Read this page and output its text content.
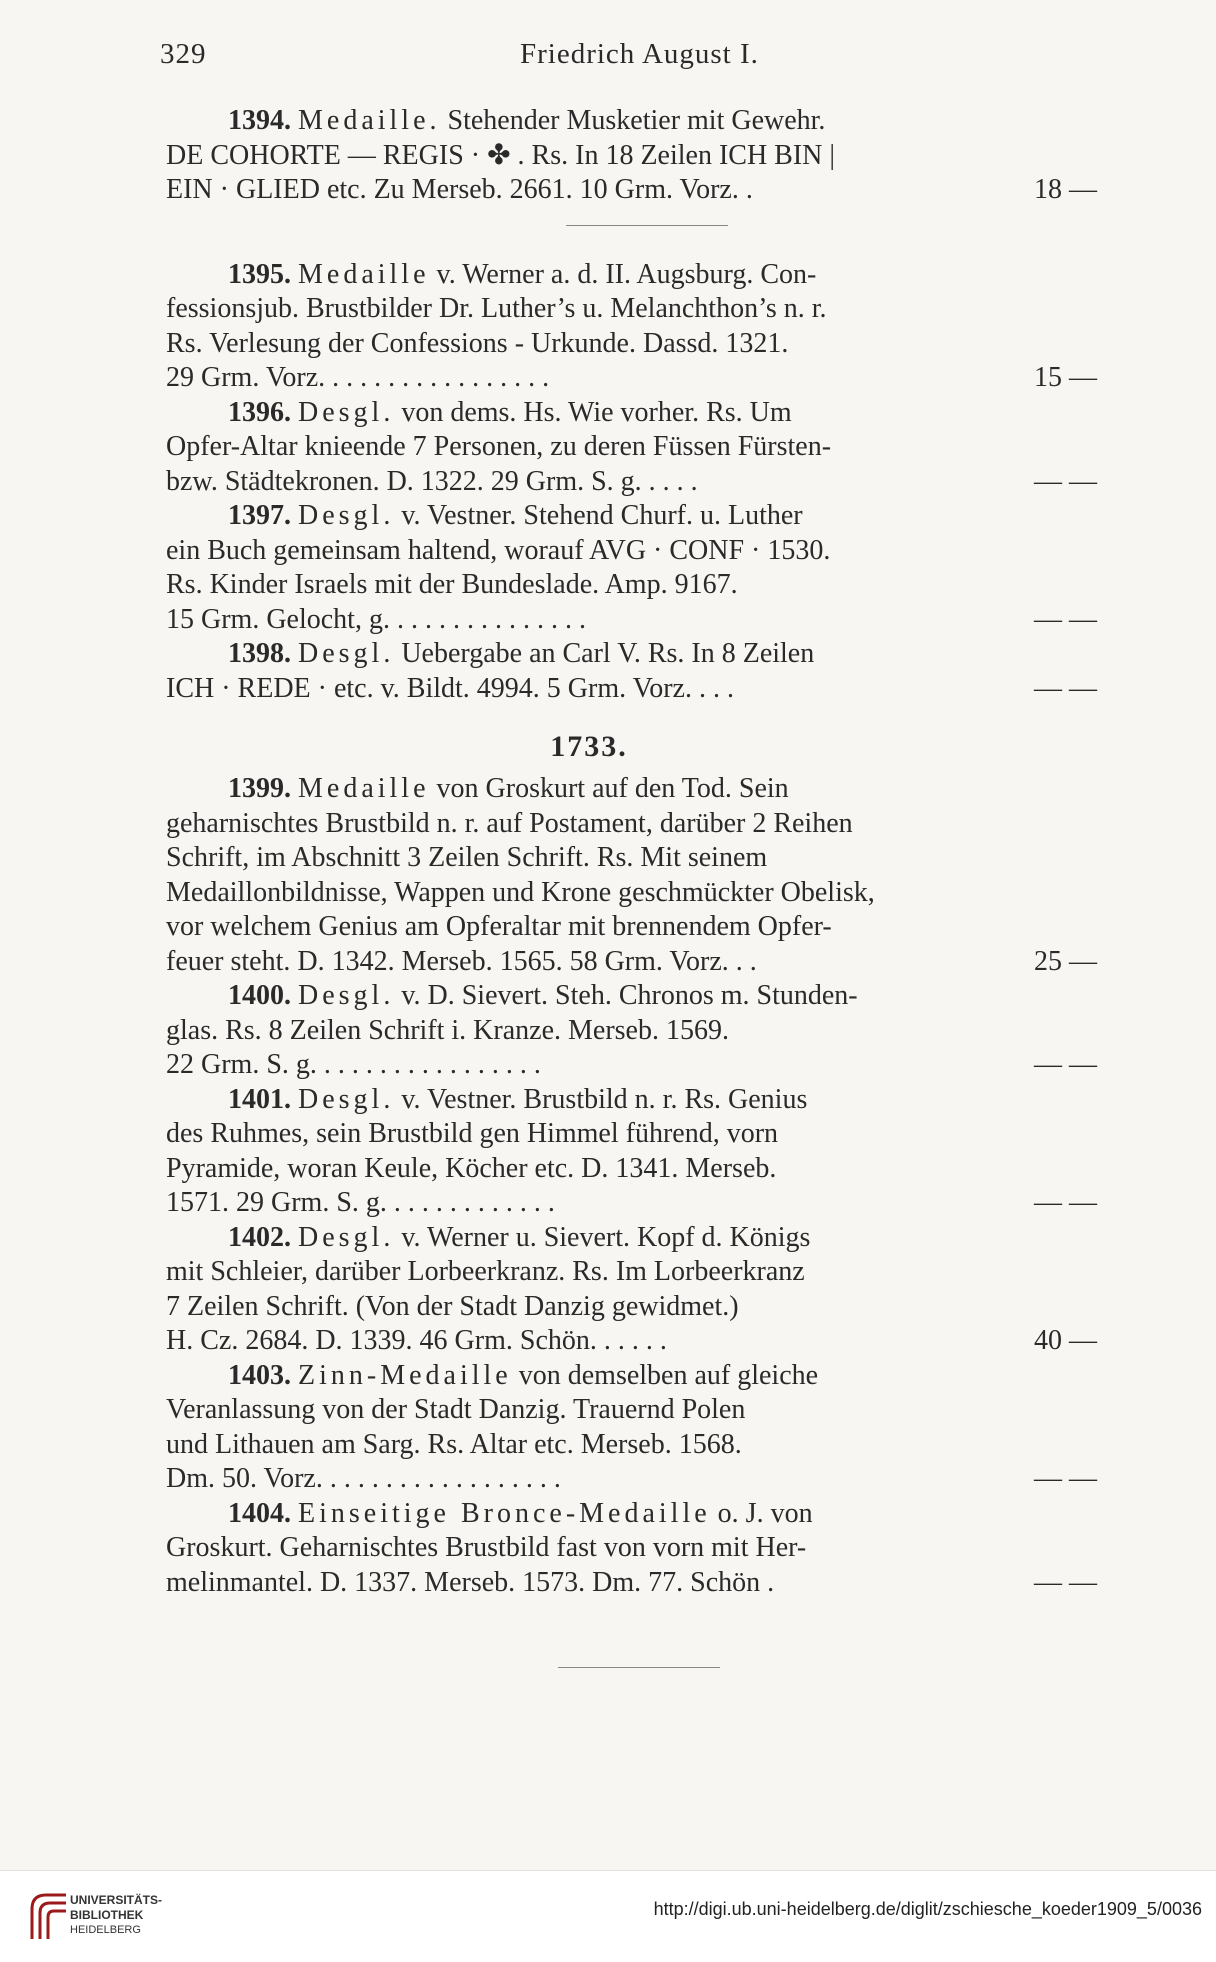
329	Friedrich August I.
1394. Medaille. Stehender Musketier mit Gewehr.
DE COHORTE — REGIS · ✤ . Rs. In 18 Zeilen ICH BIN |
EIN · GLIED etc. Zu Merseb. 2661. 10 Grm. Vorz. .	18 —
1395. Medaille v. Werner a. d. II. Augsburg. Con-
fessionsjub. Brustbilder Dr. Luther’s u. Melanchthon’s n. r.
Rs. Verlesung der Confessions - Urkunde. Dassd. 1321.
29 Grm. Vorz. . . . . . . . . . . . . . . . .	15 —
1396. Desgl. von dems. Hs. Wie vorher. Rs. Um
Opfer-Altar knieende 7 Personen, zu deren Füssen Fürsten-
bzw. Städtekronen. D. 1322. 29 Grm. S. g. . . . .	— —
1397. Desgl. v. Vestner. Stehend Churf. u. Luther
ein Buch gemeinsam haltend, worauf AVG · CONF · 1530.
Rs. Kinder Israels mit der Bundeslade. Amp. 9167.
15 Grm. Gelocht, g. . . . . . . . . . . . . . .	— —
1398. Desgl. Uebergabe an Carl V. Rs. In 8 Zeilen
ICH · REDE · etc. v. Bildt. 4994. 5 Grm. Vorz. . . .	— —
1733.
1399. Medaille von Groskurt auf den Tod. Sein
geharnischtes Brustbild n. r. auf Postament, darüber 2 Reihen
Schrift, im Abschnitt 3 Zeilen Schrift. Rs. Mit seinem
Medaillonbildnisse, Wappen und Krone geschmückter Obelisk,
vor welchem Genius am Opferaltar mit brennendem Opfer-
feuer steht. D. 1342. Merseb. 1565. 58 Grm. Vorz. . .	25 —
1400. Desgl. v. D. Sievert. Steh. Chronos m. Stunden-
glas. Rs. 8 Zeilen Schrift i. Kranze. Merseb. 1569.
22 Grm. S. g. . . . . . . . . . . . . . . . .	— —
1401. Desgl. v. Vestner. Brustbild n. r. Rs. Genius
des Ruhmes, sein Brustbild gen Himmel führend, vorn
Pyramide, woran Keule, Köcher etc. D. 1341. Merseb.
1571. 29 Grm. S. g. . . . . . . . . . . . .	— —
1402. Desgl. v. Werner u. Sievert. Kopf d. Königs
mit Schleier, darüber Lorbeerkranz. Rs. Im Lorbeerkranz
7 Zeilen Schrift. (Von der Stadt Danzig gewidmet.)
H. Cz. 2684. D. 1339. 46 Grm. Schön. . . . . .	40 —
1403. Zinn-Medaille von demselben auf gleiche
Veranlassung von der Stadt Danzig. Trauernd Polen
und Lithauen am Sarg. Rs. Altar etc. Merseb. 1568.
Dm. 50. Vorz. . . . . . . . . . . . . . . . . .	— —
1404. Einseitige Bronce-Medaille o. J. von
Groskurt. Geharnischtes Brustbild fast von vorn mit Her-
melinmantel. D. 1337. Merseb. 1573. Dm. 77. Schön .	— —
UNIVERSITÄTS-
BIBLIOTHEK
HEIDELBERG
http://digi.ub.uni-heidelberg.de/diglit/zschiesche_koeder1909_5/0036
